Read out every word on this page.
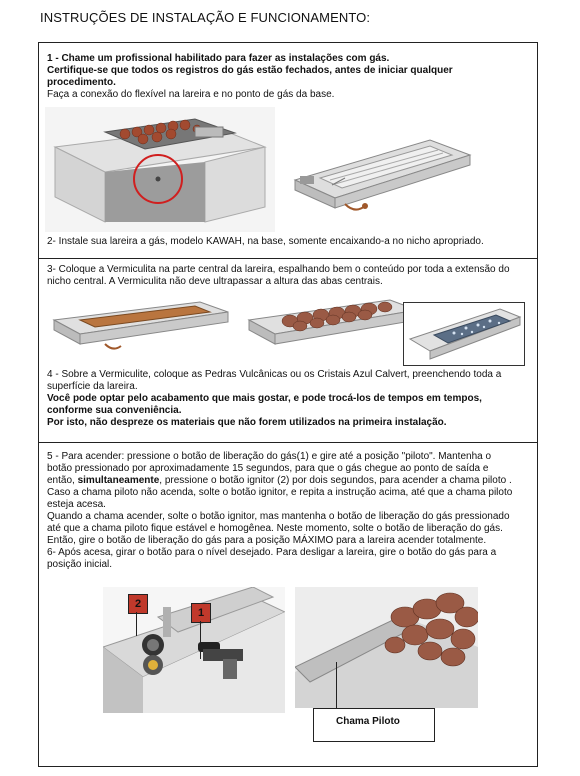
INSTRUÇÕES DE INSTALAÇÃO E FUNCIONAMENTO:
1 - Chame um profissional habilitado para fazer as instalações com gás.
Certifique-se que todos os registros do gás estão fechados, antes de iniciar qualquer
procedimento.
Faça a conexão do flexível na lareira e no ponto de gás da base.
2- Instale sua lareira a gás, modelo KAWAH, na base, somente encaixando-a no nicho apropriado.
3- Coloque a Vermiculita na parte central da lareira, espalhando bem o conteúdo por toda a extensão do
nicho central. A Vermiculita não deve ultrapassar a altura das abas centrais.
4 - Sobre a Vermiculite, coloque as Pedras Vulcânicas ou os Cristais Azul Calvert, preenchendo toda a
superfície da lareira.
Você pode optar pelo acabamento que mais gostar, e pode trocá-los de tempos em tempos,
conforme sua conveniência.
Por isto, não despreze os materiais que não forem utilizados na primeira instalação.
5 - Para acender: pressione o botão de liberação do gás(1) e gire até a posição "piloto". Mantenha o
botão pressionado por aproximadamente 15 segundos, para que o gás chegue ao ponto de saída e
então, simultaneamente, pressione o botão ignitor (2) por dois segundos, para acender a chama piloto .
Caso a chama piloto não acenda, solte o botão ignitor, e repita a instrução acima, até que a chama piloto
esteja acesa.
Quando a chama acender, solte o botão ignitor, mas mantenha o botão de liberação do gás pressionado
até que a chama piloto fique estável e homogênea. Neste momento, solte o botão de liberação do gás.
Então, gire o botão de liberação do gás para a posição MÁXIMO para a lareira acender totalmente.
6- Após acesa, girar o botão para o nível desejado. Para desligar a lareira, gire o botão do gás para a
posição inicial.
2
1
Chama Piloto
